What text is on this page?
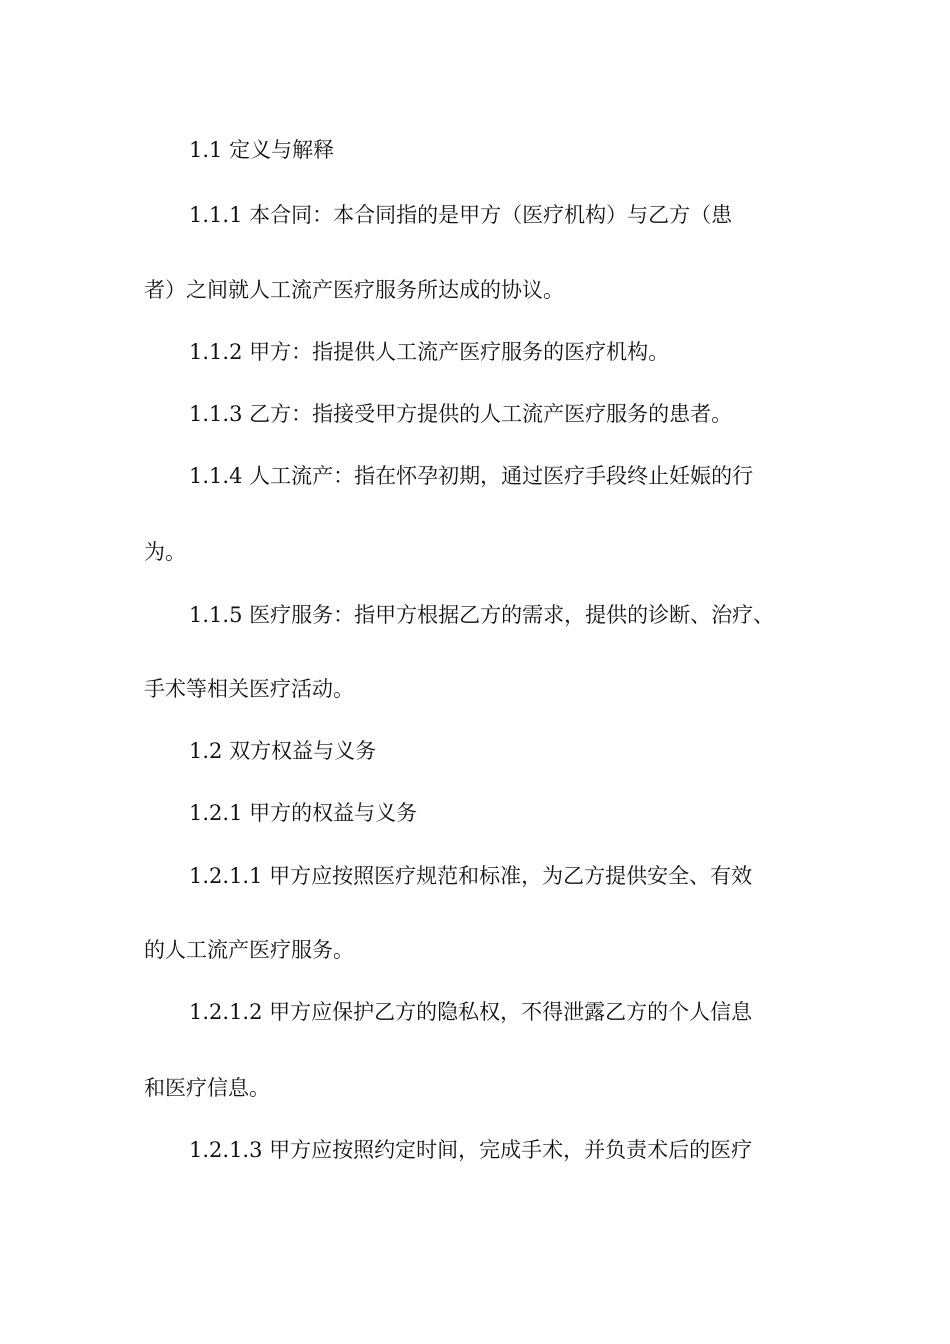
1.1 定义与解释
1.1.1 本合同：本合同指的是甲方（医疗机构）与乙方（患
者）之间就人工流产医疗服务所达成的协议。
1.1.2 甲方：指提供人工流产医疗服务的医疗机构。
1.1.3 乙方：指接受甲方提供的人工流产医疗服务的患者。
1.1.4 人工流产：指在怀孕初期，通过医疗手段终止妊娠的行
为。
1.1.5 医疗服务：指甲方根据乙方的需求，提供的诊断、治疗、
手术等相关医疗活动。
1.2 双方权益与义务
1.2.1 甲方的权益与义务
1.2.1.1 甲方应按照医疗规范和标准，为乙方提供安全、有效
的人工流产医疗服务。
1.2.1.2 甲方应保护乙方的隐私权，不得泄露乙方的个人信息
和医疗信息。
1.2.1.3 甲方应按照约定时间，完成手术，并负责术后的医疗
